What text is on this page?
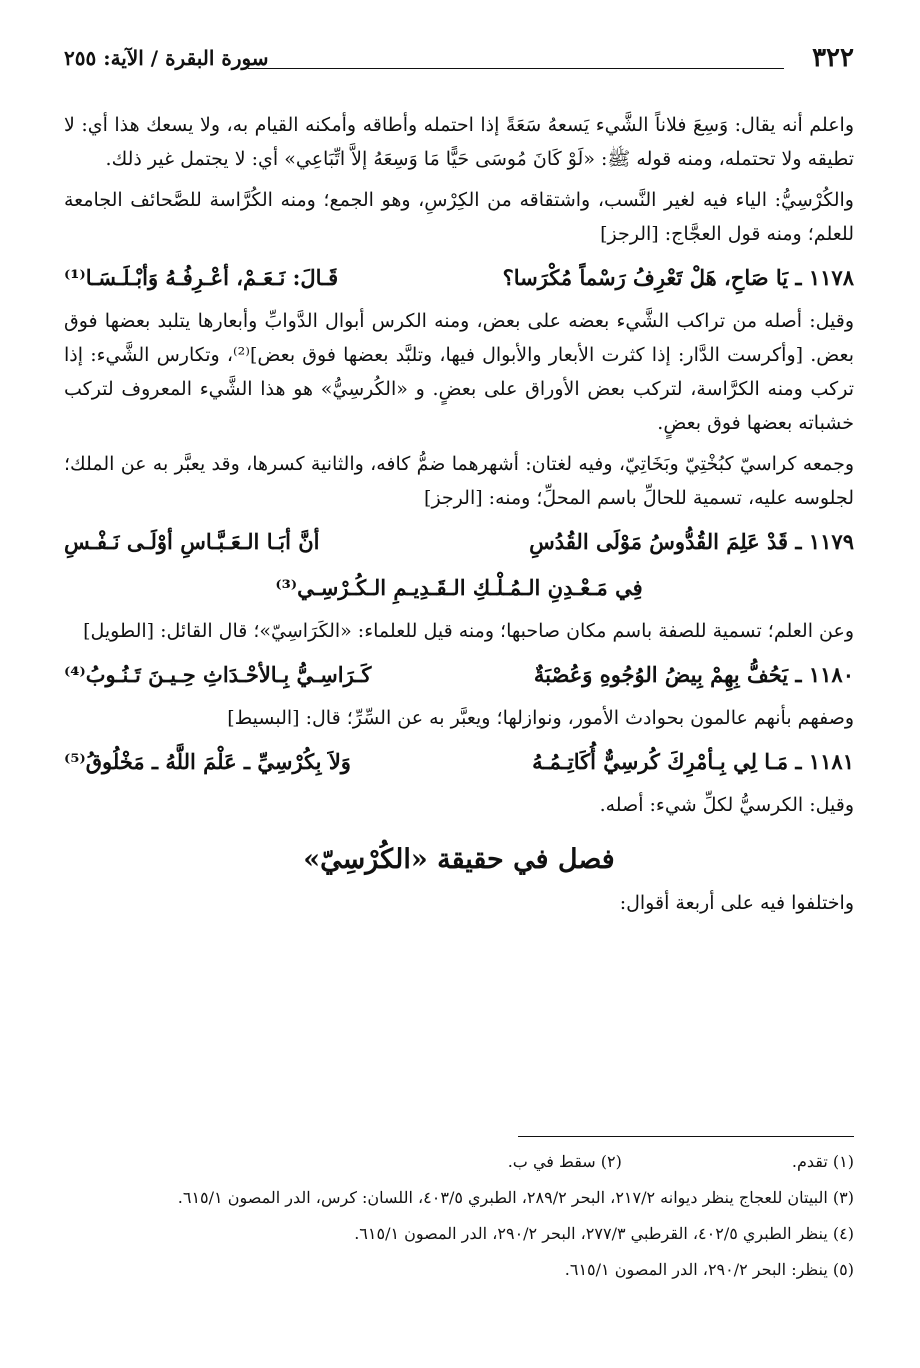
٣٢٢
سورة البقرة / الآية: ٢٥٥

واعلم أنه يقال: وَسِعَ فلاناً الشَّيء يَسعهُ سَعَةً إذا احتمله وأطاقه وأمكنه القيام به، ولا يسعك هذا أي: لا تطيقه ولا تحتمله، ومنه قوله ﷺ: «لَوْ كَانَ مُوسَى حَيًّا مَا وَسِعَهُ إلاَّ اتِّبَاعِي» أي: لا يجتمل غير ذلك.

والكُرْسِيُّ: الياء فيه لغير النَّسب، واشتقاقه من الكِرْسِ، وهو الجمع؛ ومنه الكُرَّاسة للصَّحائف الجامعة للعلم؛ ومنه قول العجَّاج: [الرجز]

١١٧٨ ـ يَا صَاحِ، هَلْ تَعْرِفُ رَسْماً مُكْرَسا؟
قَـالَ: نَـعَـمْ، أعْـرِفُـهُ وَأبْـلَـسَـا⁽¹⁾

وقيل: أصله من تراكب الشَّيء بعضه على بعض، ومنه الكرس أبوال الدَّوابِّ وأبعارها يتلبد بعضها فوق بعض. [وأكرست الدَّار: إذا كثرت الأبعار والأبوال فيها، وتلبَّد بعضها فوق بعض]⁽²⁾، وتكارس الشَّيء: إذا تركب ومنه الكرَّاسة، لتركب بعض الأوراق على بعضٍ. و «الكُرسِيُّ» هو هذا الشَّيء المعروف لتركب خشباته بعضها فوق بعضٍ.

وجمعه كراسيّ كبُخْتِيّ وبَخَاتِيّ، وفيه لغتان: أشهرهما ضمُّ كافه، والثانية كسرها، وقد يعبَّر به عن الملك؛ لجلوسه عليه، تسمية للحالِّ باسم المحلِّ؛ ومنه: [الرجز]

١١٧٩ ـ قَدْ عَلِمَ القُدُّوسُ مَوْلَى القُدُسِ
أنَّ أبَـا الـعَـبَّـاسِ أوْلَـى نَـفْـسِ
فِي مَـعْـدِنِ الـمُـلْـكِ الـقَـدِيـمِ الـكُـرْسِـي⁽³⁾

وعن العلم؛ تسمية للصفة باسم مكان صاحبها؛ ومنه قيل للعلماء: «الكَرَاسِيّ»؛ قال القائل: [الطويل]

١١٨٠ ـ يَحُفُّ بِهِمْ بِيضُ الوُجُوهِ وَعُصْبَةٌ
كَـرَاسِـيُّ بِـالأحْـدَاثِ حِـيـنَ تَـنُـوبُ⁽⁴⁾

وصفهم بأنهم عالمون بحوادث الأمور، ونوازلها؛ ويعبَّر به عن السِّرِّ؛ قال: [البسيط]

١١٨١ ـ مَـا لِي بِـأمْرِكَ كُرسِيٌّ أُكَاتِـمُـهُ
وَلاَ بِكُرْسِيِّ ـ عَلْمَ اللَّهُ ـ مَخْلُوقُ⁽⁵⁾

وقيل: الكرسيُّ لكلِّ شيء: أصله.

فصل في حقيقة «الكُرْسِيّ»

واختلفوا فيه على أربعة أقوال:

(١) تقدم.
(٢) سقط في ب.

(٣) البيتان للعجاج ينظر ديوانه ٢١٧/٢، البحر ٢٨٩/٢، الطبري ٤٠٣/٥، اللسان: كرس، الدر المصون ٦١٥/١.

(٤) ينظر الطبري ٤٠٢/٥، القرطبي ٢٧٧/٣، البحر ٢٩٠/٢، الدر المصون ٦١٥/١.

(٥) ينظر: البحر ٢٩٠/٢، الدر المصون ٦١٥/١.
